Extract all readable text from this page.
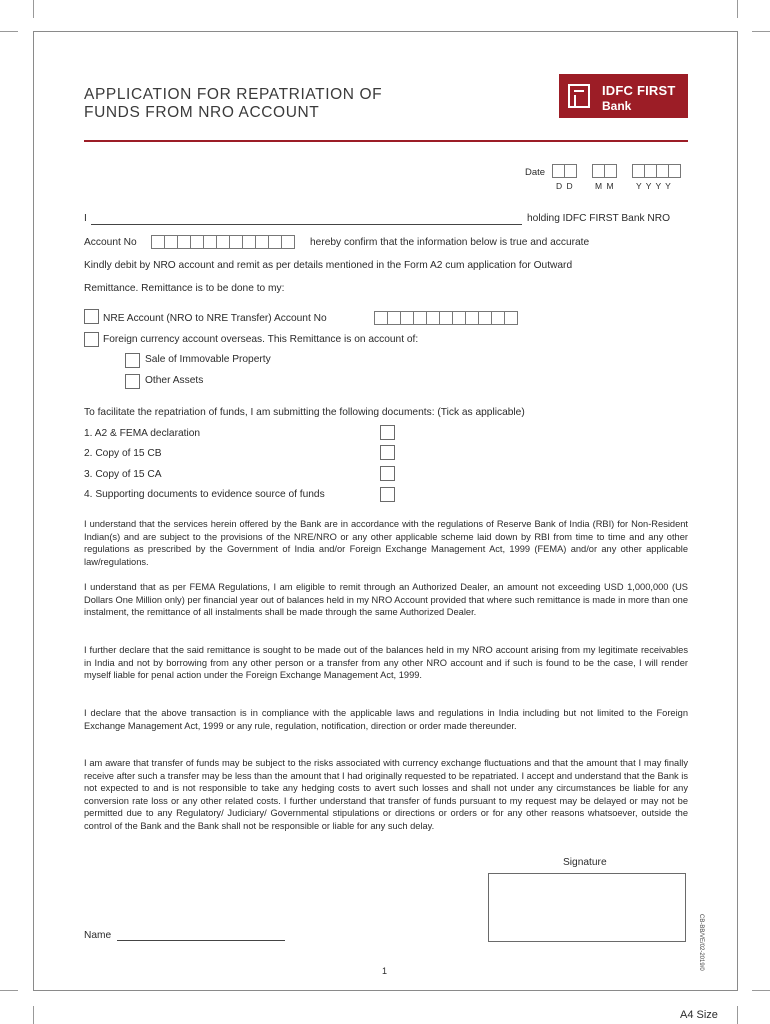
APPLICATION FOR REPATRIATION OF
FUNDS FROM NRO ACCOUNT
IDFC FIRST
Bank
Date
D D	M M	Y Y Y Y
I	holding IDFC FIRST Bank NRO
Account No	hereby confirm that the information below is true and accurate
Kindly debit by NRO account and remit as per details mentioned in the Form A2 cum application for Outward
Remittance. Remittance is to be done to my:
NRE Account (NRO to NRE Transfer) Account No
Foreign currency account overseas. This Remittance is on account of:
Sale of Immovable Property
Other Assets
To facilitate the repatriation of funds, I am submitting the following documents: (Tick as applicable)
1. A2 & FEMA declaration
2. Copy of 15 CB
3. Copy of 15 CA
4. Supporting documents to evidence source of funds
I understand that the services herein offered by the Bank are in accordance with the regulations of Reserve Bank of India (RBI) for Non-Resident Indian(s) and are subject to the provisions of the NRE/NRO or any other applicable scheme laid down by RBI from time to time and any other regulations as prescribed by the Government of India and/or Foreign Exchange Management Act, 1999 (FEMA) and/or any other applicable law/regulations.
I understand that as per FEMA Regulations, I am eligible to remit through an Authorized Dealer, an amount not exceeding USD 1,000,000 (US Dollars One Million only) per financial year out of balances held in my NRO Account provided that where such remittance is made in more than one instalment, the remittance of all instalments shall be made through the same Authorized Dealer.
I further declare that the said remittance is sought to be made out of the balances held in my NRO account arising from my legitimate receivables in India and not by borrowing from any other person or a transfer from any other NRO account and if such is found to be the case, I will render myself liable for penal action under the Foreign Exchange Management Act, 1999.
I declare that the above transaction is in compliance with the applicable laws and regulations in India including but not limited to the Foreign Exchange Management Act, 1999 or any rule, regulation, notification, direction or order made thereunder.
I am aware that transfer of funds may be subject to the risks associated with currency exchange fluctuations and that the amount that I may finally receive after such a transfer may be less than the amount that I had originally requested to be repatriated. I accept and understand that the Bank is not expected to and is not responsible to take any hedging costs to avert such losses and shall not under any circumstances be liable for any conversion rate loss or any other related costs. I further understand that transfer of funds pursuant to my request may be delayed or may not be permitted due to any Regulatory/ Judiciary/ Governmental stipulations or directions or orders or for any other reasons whatsoever, outside the control of the Bank and the Bank shall not be responsible or liable for any such delay.
Signature
CB-BB/VE/02-2019/0
Name
1
A4 Size
